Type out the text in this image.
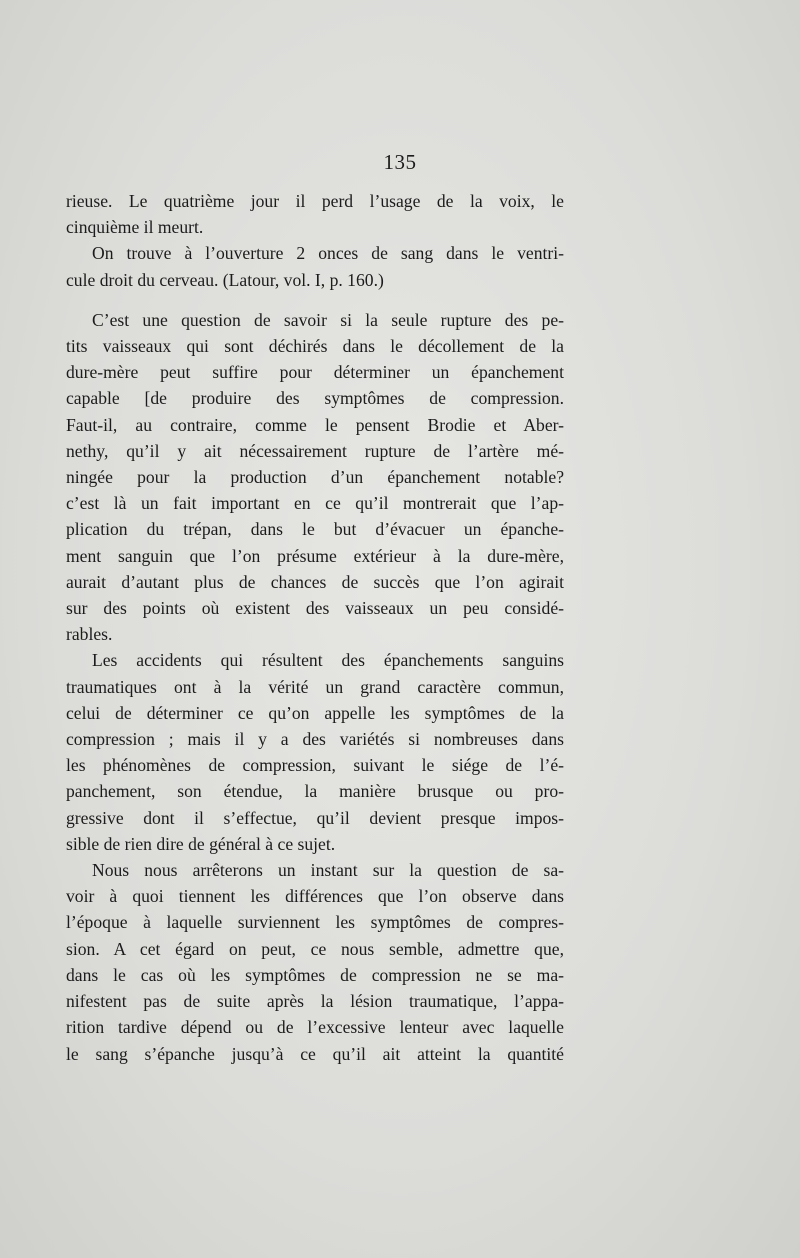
135

rieuse. Le quatrième jour il perd l’usage de la voix, le
cinquième il meurt.

On trouve à l’ouverture 2 onces de sang dans le ventri-
cule droit du cerveau. (Latour, vol. I, p. 160.)

C’est une question de savoir si la seule rupture des pe-
tits vaisseaux qui sont déchirés dans le décollement de la
dure-mère peut suffire pour déterminer un épanchement
capable [de produire des symptômes de compression.
Faut-il, au contraire, comme le pensent Brodie et Aber-
nethy, qu’il y ait nécessairement rupture de l’artère mé-
ningée pour la production d’un épanchement notable?
c’est là un fait important en ce qu’il montrerait que l’ap-
plication du trépan, dans le but d’évacuer un épanche-
ment sanguin que l’on présume extérieur à la dure-mère,
aurait d’autant plus de chances de succès que l’on agirait
sur des points où existent des vaisseaux un peu considé-
rables.

Les accidents qui résultent des épanchements sanguins
traumatiques ont à la vérité un grand caractère commun,
celui de déterminer ce qu’on appelle les symptômes de la
compression ; mais il y a des variétés si nombreuses dans
les phénomènes de compression, suivant le siége de l’é-
panchement, son étendue, la manière brusque ou pro-
gressive dont il s’effectue, qu’il devient presque impos-
sible de rien dire de général à ce sujet.

Nous nous arrêterons un instant sur la question de sa-
voir à quoi tiennent les différences que l’on observe dans
l’époque à laquelle surviennent les symptômes de compres-
sion. A cet égard on peut, ce nous semble, admettre que,
dans le cas où les symptômes de compression ne se ma-
nifestent pas de suite après la lésion traumatique, l’appa-
rition tardive dépend ou de l’excessive lenteur avec laquelle
le sang s’épanche jusqu’à ce qu’il ait atteint la quantité
